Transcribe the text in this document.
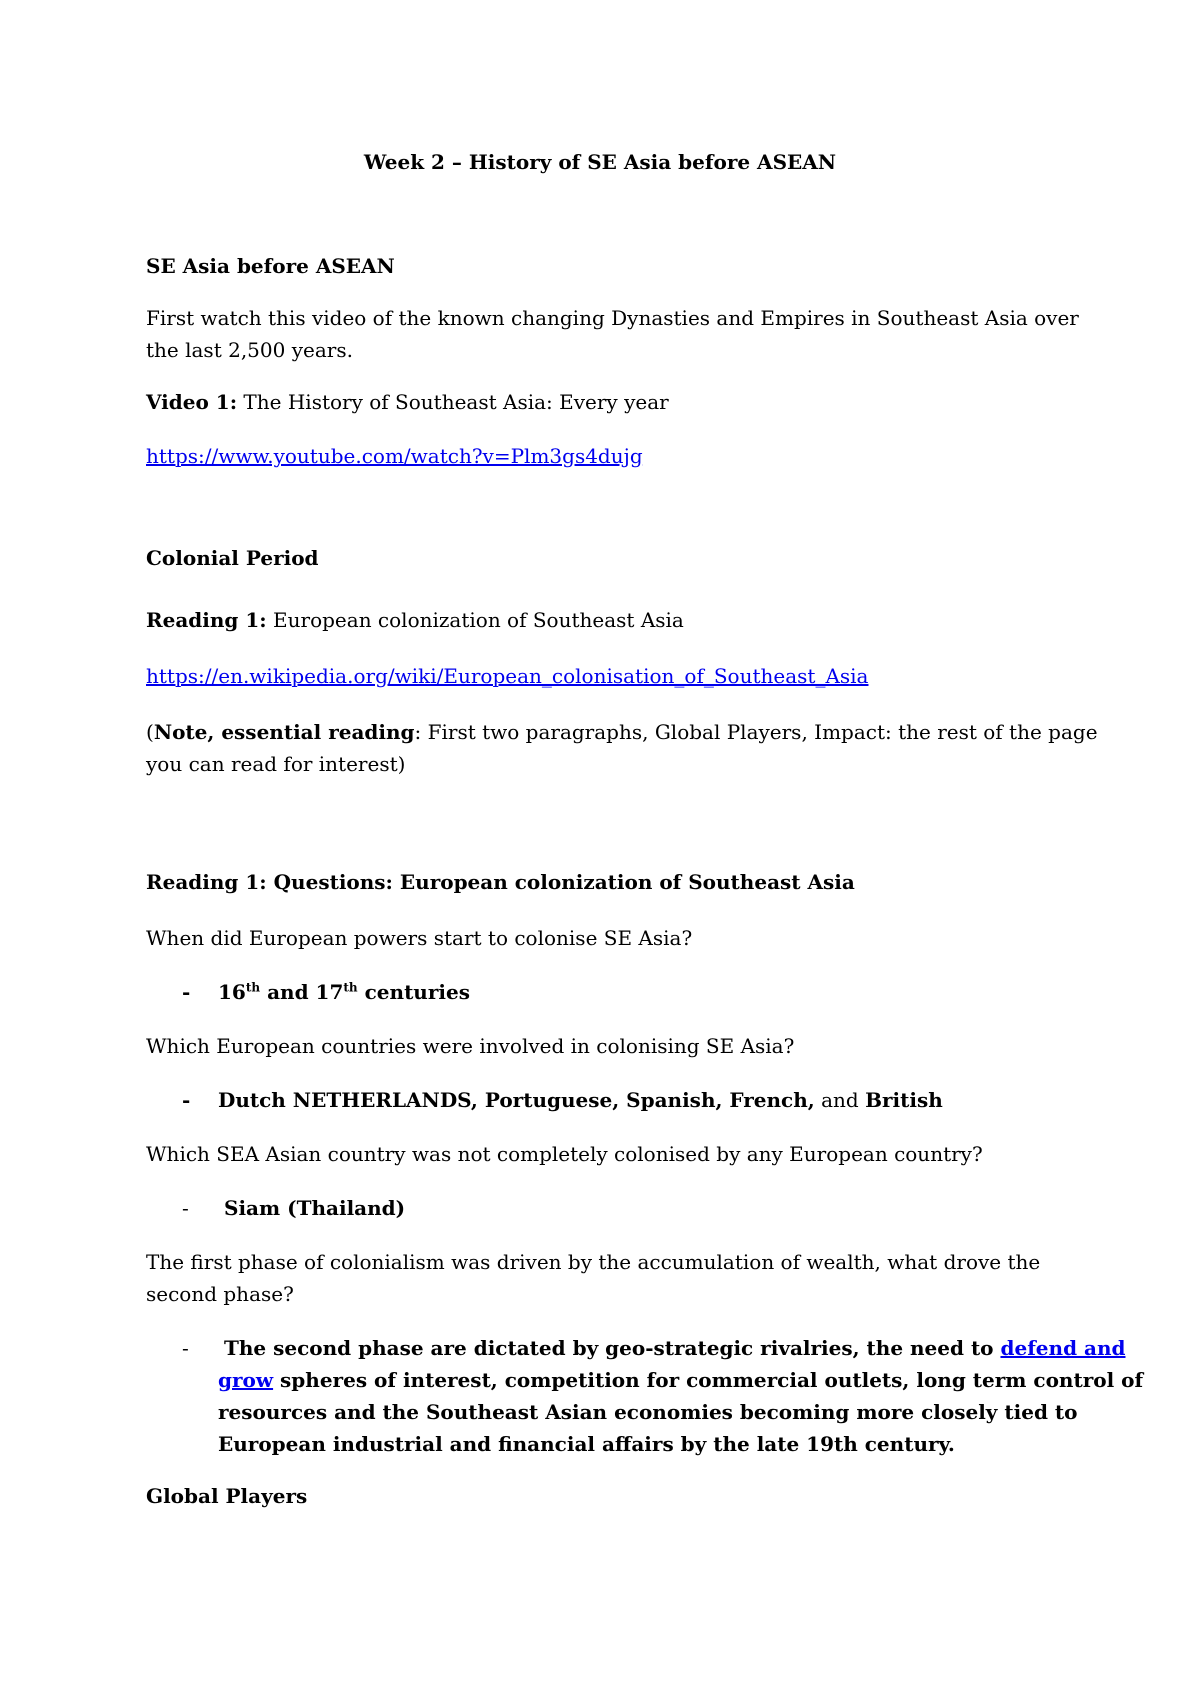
Week 2 – History of SE Asia before ASEAN
SE Asia before ASEAN
First watch this video of the known changing Dynasties and Empires in Southeast Asia over
the last 2,500 years.
Video 1: The History of Southeast Asia: Every year
https://www.youtube.com/watch?v=Plm3gs4dujg
Colonial Period
Reading 1: European colonization of Southeast Asia
https://en.wikipedia.org/wiki/European_colonisation_of_Southeast_Asia
(Note, essential reading: First two paragraphs, Global Players, Impact: the rest of the page
you can read for interest)
Reading 1: Questions: European colonization of Southeast Asia
When did European powers start to colonise SE Asia?
-	16th and 17th centuries
Which European countries were involved in colonising SE Asia?
-	Dutch NETHERLANDS, Portuguese, Spanish, French, and British
Which SEA Asian country was not completely colonised by any European country?
-	Siam (Thailand)
The first phase of colonialism was driven by the accumulation of wealth, what drove the
second phase?
-	The second phase are dictated by geo-strategic rivalries, the need to defend and
grow spheres of interest, competition for commercial outlets, long term control of
resources and the Southeast Asian economies becoming more closely tied to
European industrial and financial affairs by the late 19th century.
Global Players
